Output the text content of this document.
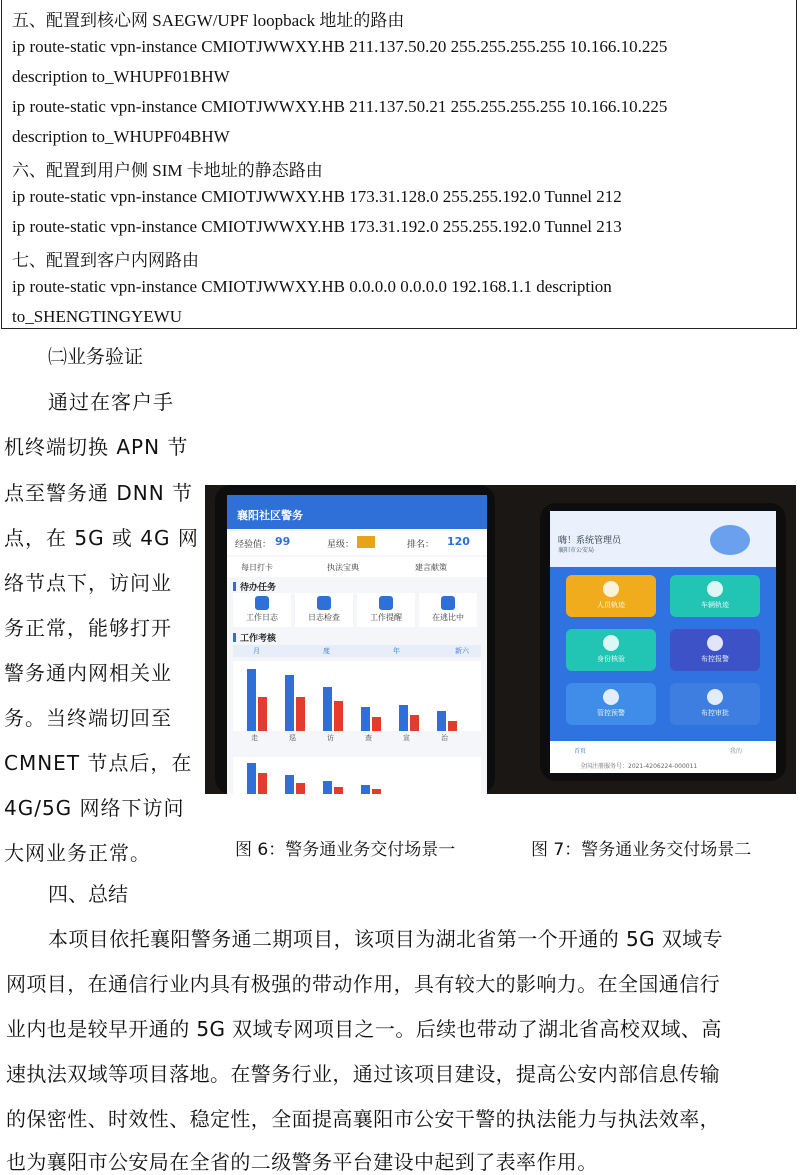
五、配置到核心网 SAEGW/UPF loopback 地址的路由
ip route-static vpn-instance CMIOTJWWXY.HB 211.137.50.20 255.255.255.255 10.166.10.225
description to_WHUPF01BHW
ip route-static vpn-instance CMIOTJWWXY.HB 211.137.50.21 255.255.255.255 10.166.10.225
description to_WHUPF04BHW
六、配置到用户侧 SIM 卡地址的静态路由
ip route-static vpn-instance CMIOTJWWXY.HB 173.31.128.0 255.255.192.0 Tunnel 212
ip route-static vpn-instance CMIOTJWWXY.HB 173.31.192.0 255.255.192.0 Tunnel 213
七、配置到客户内网路由
ip route-static vpn-instance CMIOTJWWXY.HB 0.0.0.0 0.0.0.0 192.168.1.1 description
to_SHENGTINGYEWU
㈡业务验证
通过在客户手
机终端切换 APN 节
点至警务通 DNN 节
点，在 5G 或 4G 网
络节点下，访问业
务正常，能够打开
警务通内网相关业
务。当终端切回至
CMNET 节点后，在
4G/5G 网络下访问
大网业务正常。
襄阳社区警务
经验值： 99	星级：	排名： 120
每日打卡	执法宝典	建言献策
待办任务
工作日志	日志检查	工作提醒	在逃比中
工作考核
月	度	年	新六
走	巡	访	查	宣	治
嗨！系统管理员
襄阳市公安局
人员轨迹	车辆轨迹
身份核验	布控报警
管控预警	布控审批
首页	我的
全国注册服务号：2021-4206224-000011
图 6：警务通业务交付场景一	图 7：警务通业务交付场景二
四、总结
本项目依托襄阳警务通二期项目，该项目为湖北省第一个开通的 5G 双域专
网项目，在通信行业内具有极强的带动作用，具有较大的影响力。在全国通信行
业内也是较早开通的 5G 双域专网项目之一。后续也带动了湖北省高校双域、高
速执法双域等项目落地。在警务行业，通过该项目建设，提高公安内部信息传输
的保密性、时效性、稳定性，全面提高襄阳市公安干警的执法能力与执法效率，
也为襄阳市公安局在全省的二级警务平台建设中起到了表率作用。
